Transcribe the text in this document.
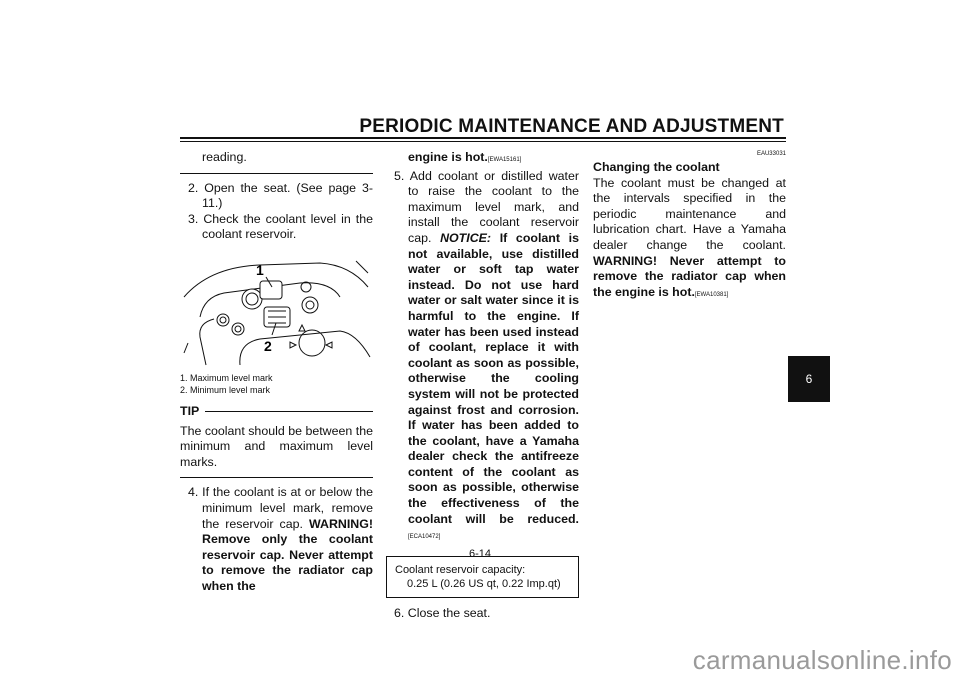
PERIODIC MAINTENANCE AND ADJUSTMENT

reading.

2. Open the seat. (See page 3-11.)

3. Check the coolant level in the coolant reservoir.

1
2
1. Maximum level mark
2. Minimum level mark
TIP

The coolant should be between the minimum and maximum level marks.

4. If the coolant is at or below the minimum level mark, remove the reservoir cap. WARNING! Remove only the coolant reservoir cap. Never attempt to remove the radiator cap when the

engine is hot.[EWA15161]

5. Add coolant or distilled water to raise the coolant to the maximum level mark, and install the coolant reservoir cap. NOTICE: If coolant is not available, use distilled water or soft tap water instead. Do not use hard water or salt water since it is harmful to the engine. If water has been used instead of coolant, replace it with coolant as soon as possible, otherwise the cooling system will not be protected against frost and corrosion. If water has been added to the coolant, have a Yamaha dealer check the antifreeze content of the coolant as soon as possible, otherwise the effectiveness of the coolant will be reduced.[ECA10472]

Coolant reservoir capacity:
0.25 L (0.26 US qt, 0.22 Imp.qt)

6. Close the seat.

EAU33031
Changing the coolant

The coolant must be changed at the intervals specified in the periodic maintenance and lubrication chart. Have a Yamaha dealer change the coolant. WARNING! Never attempt to remove the radiator cap when the engine is hot.[EWA10381]

6
6-14
carmanualsonline.info
